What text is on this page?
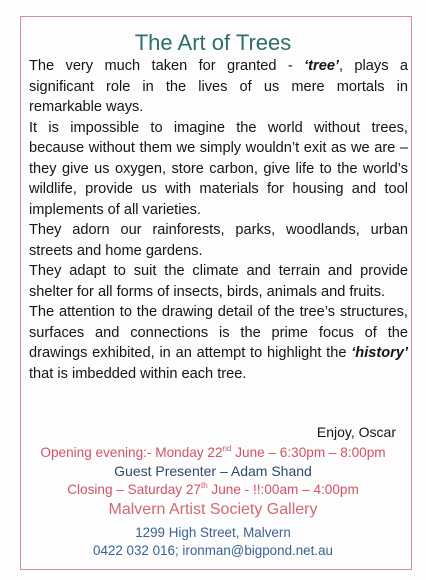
The Art of Trees

The very much taken for granted - ‘tree’, plays a significant role in the lives of us mere mortals in remarkable ways.

It is impossible to imagine the world without trees, because without them we simply wouldn’t exit as we are – they give us oxygen, store carbon, give life to the world’s wildlife, provide us with materials for housing and tool implements of all varieties.

They adorn our rainforests, parks, woodlands, urban streets and home gardens.

They adapt to suit the climate and terrain and provide shelter for all forms of insects, birds, animals and fruits.

The attention to the drawing detail of the tree’s structures, surfaces and connections is the prime focus of the drawings exhibited, in an attempt to highlight the ‘history’ that is imbedded within each tree.

Enjoy, Oscar
Opening evening:- Monday 22nd June – 6:30pm – 8:00pm
Guest Presenter – Adam Shand
Closing – Saturday 27th June - !!:00am – 4:00pm
Malvern Artist Society Gallery
1299 High Street, Malvern
0422 032 016; ironman@bigpond.net.au
